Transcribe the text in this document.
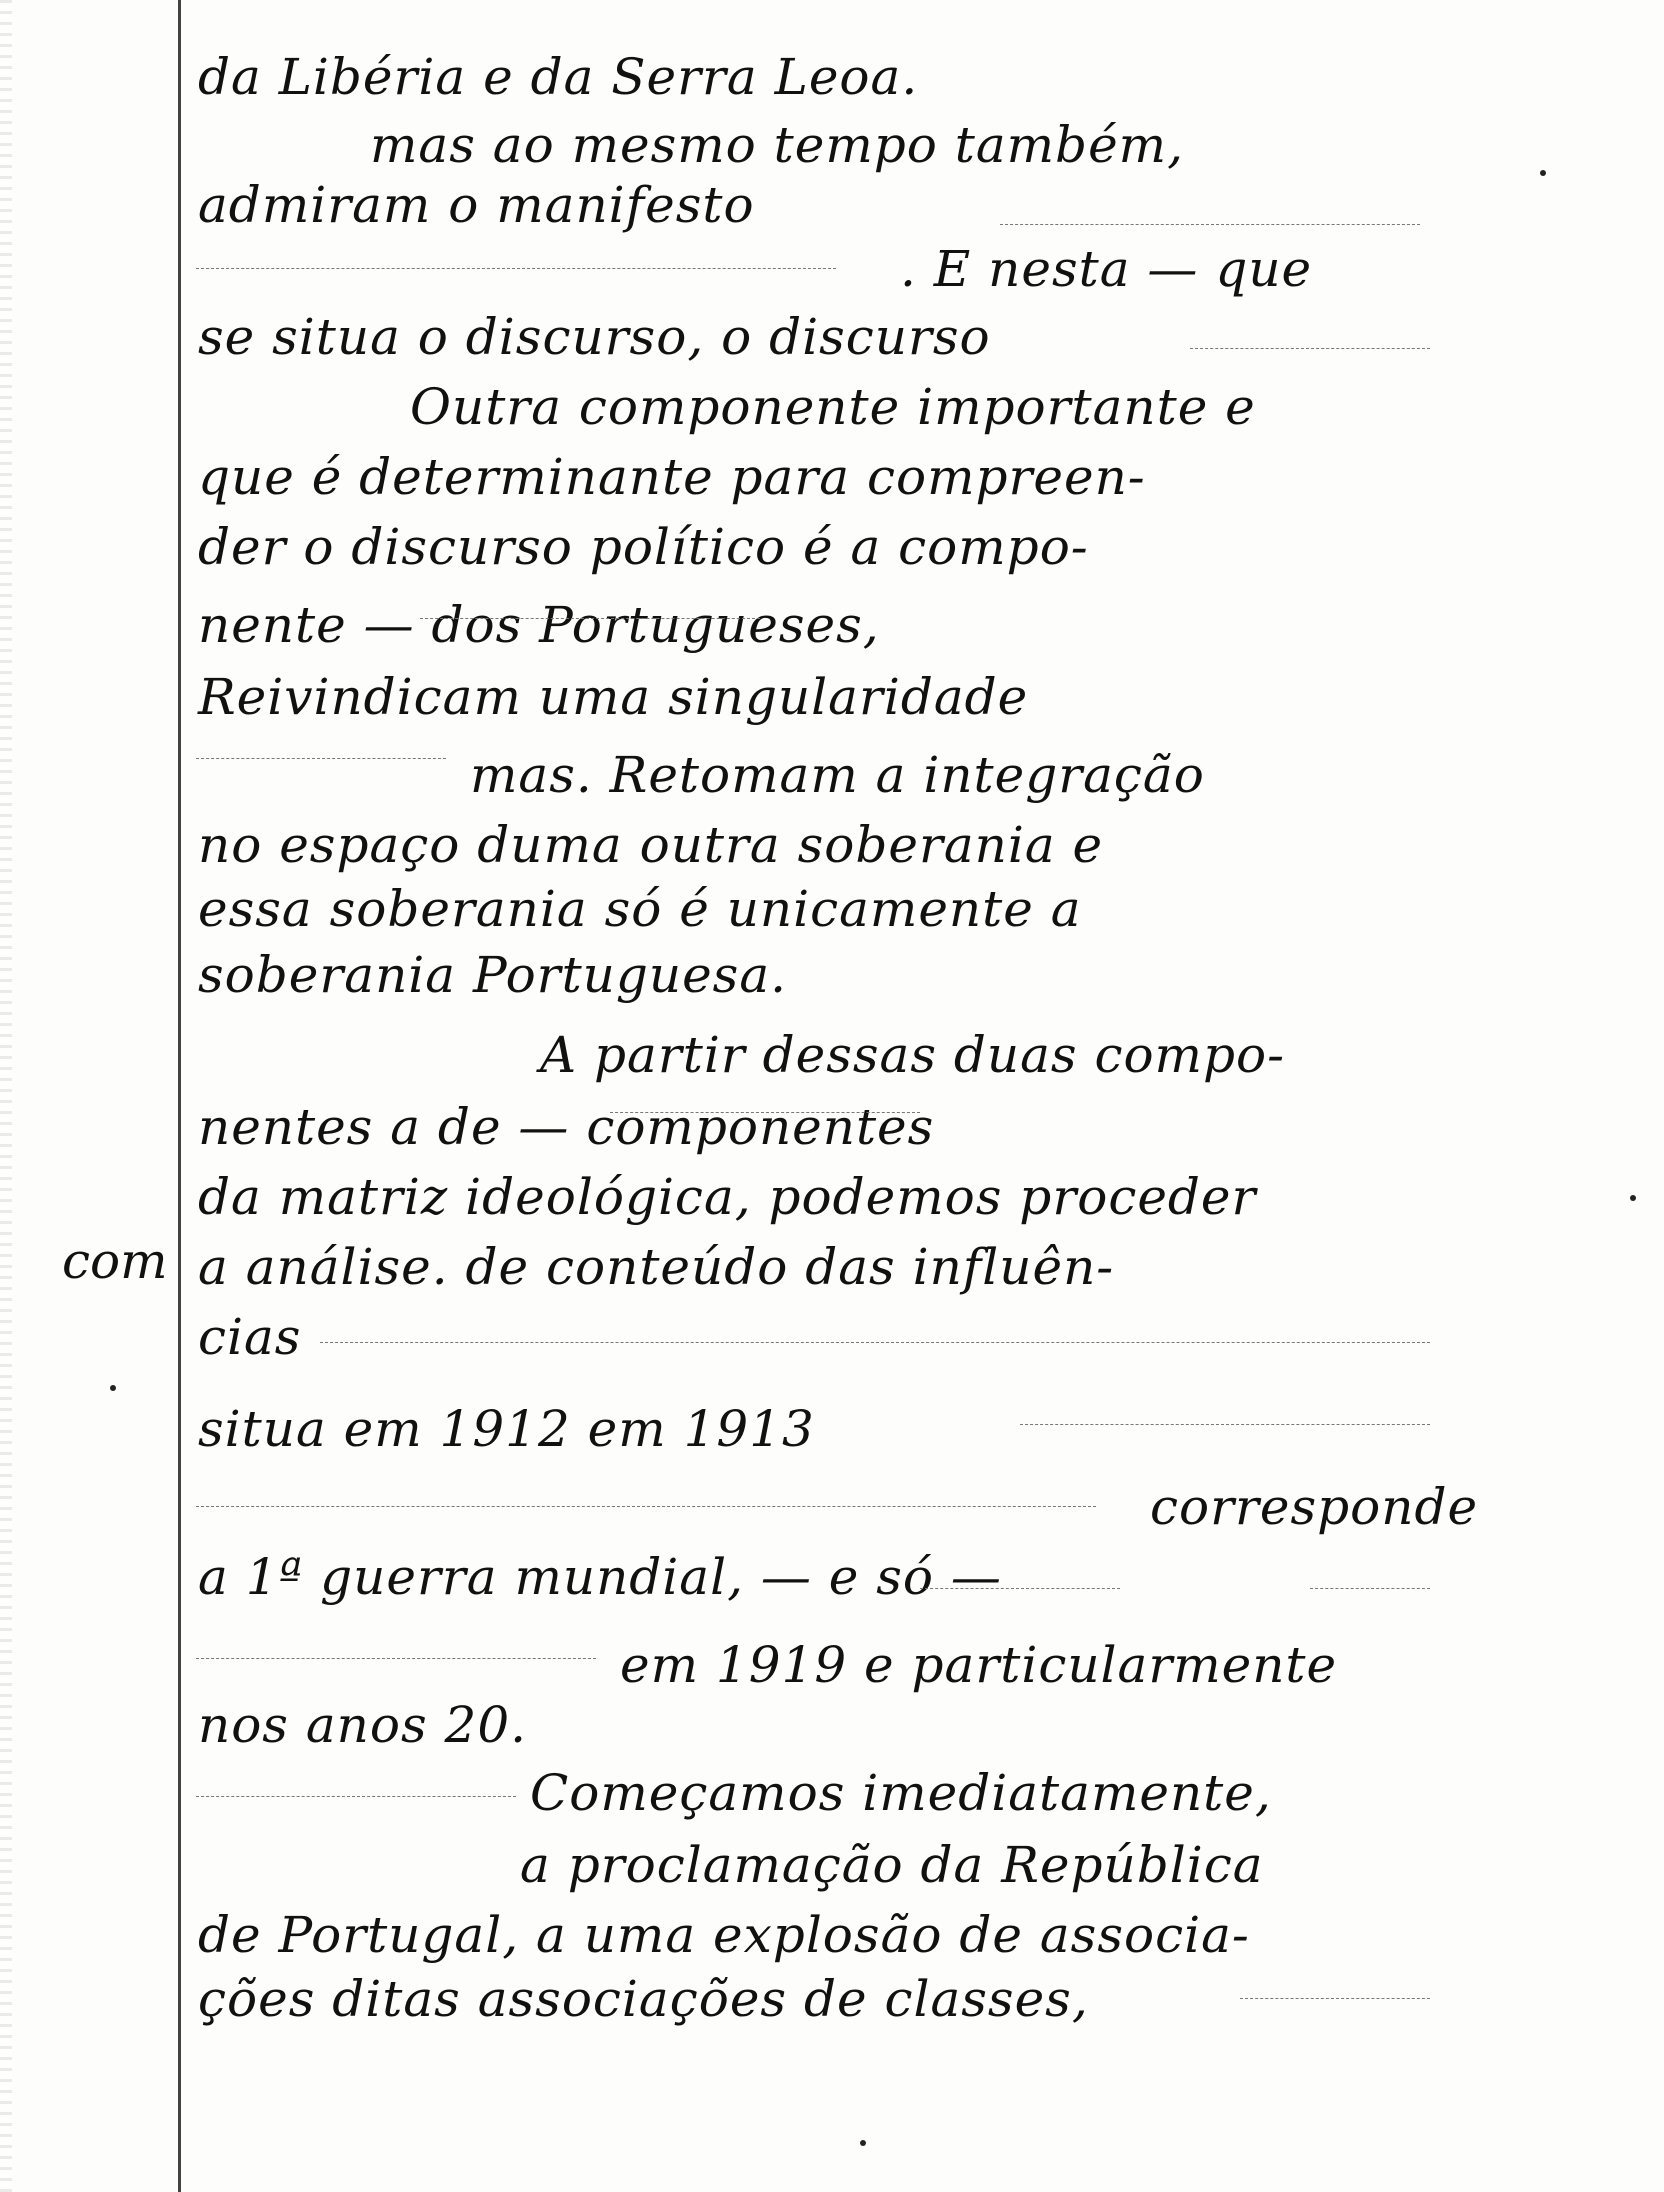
com
da Libéria e da Serra Leoa.
mas ao mesmo tempo também,
admiram o manifesto
. E nesta — que
se situa o discurso, o discurso
Outra componente importante e
que é determinante para compreen-
der o discurso político é a compo-
nente — dos Portugueses,
Reivindicam uma singularidade
mas. Retomam a integração
no espaço duma outra soberania e
essa soberania só é unicamente a
soberania Portuguesa.
A partir dessas duas compo-
nentes a de — componentes
da matriz ideológica, podemos proceder
a análise. de conteúdo das influên-
cias
situa em 1912 em 1913
corresponde
a 1ª guerra mundial, — e só —
em 1919 e particularmente
nos anos 20.
Começamos imediatamente,
a proclamação da República
de Portugal, a uma explosão de associa-
ções ditas associações de classes,
